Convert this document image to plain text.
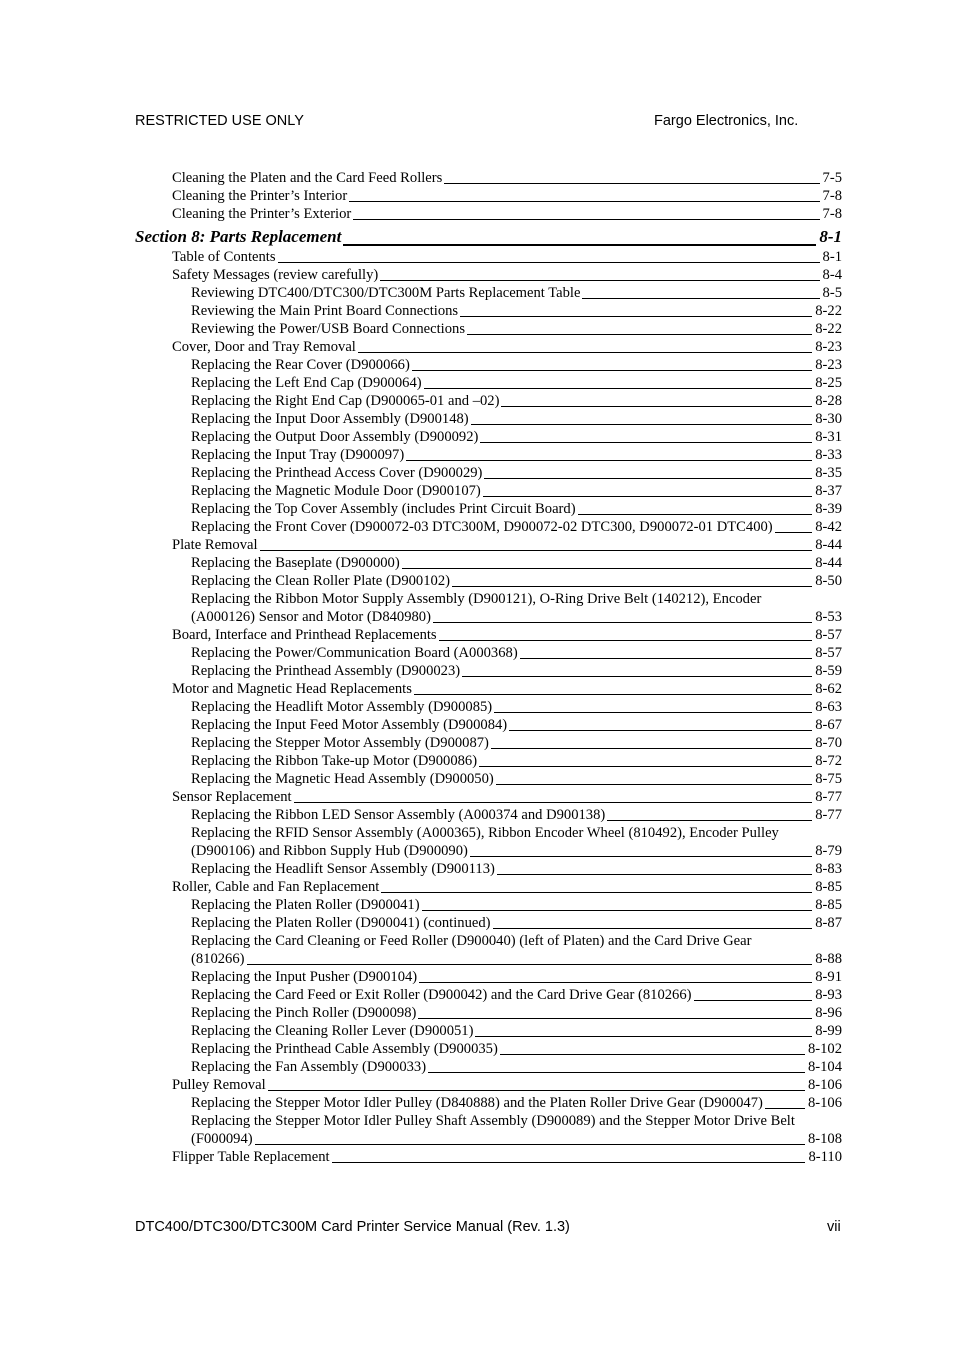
RESTRICTED USE ONLY	Fargo Electronics, Inc.
Cleaning the Platen and the Card Feed Rollers	7-5
Cleaning the Printer’s Interior	7-8
Cleaning the Printer’s Exterior	7-8
Section 8: Parts Replacement	8-1
Table of Contents	8-1
Safety Messages (review carefully)	8-4
Reviewing DTC400/DTC300/DTC300M Parts Replacement Table	8-5
Reviewing the Main Print Board Connections	8-22
Reviewing the Power/USB Board Connections	8-22
Cover, Door and Tray Removal	8-23
Replacing the Rear Cover (D900066)	8-23
Replacing the Left End Cap (D900064)	8-25
Replacing the Right End Cap (D900065-01 and –02)	8-28
Replacing the Input Door Assembly (D900148)	8-30
Replacing the Output Door Assembly (D900092)	8-31
Replacing the Input Tray (D900097)	8-33
Replacing the Printhead Access Cover (D900029)	8-35
Replacing the Magnetic Module Door (D900107)	8-37
Replacing the Top Cover Assembly (includes Print Circuit Board)	8-39
Replacing the Front Cover (D900072-03 DTC300M, D900072-02 DTC300, D900072-01 DTC400)	8-42
Plate Removal	8-44
Replacing the Baseplate (D900000)	8-44
Replacing the Clean Roller Plate (D900102)	8-50
Replacing the Ribbon Motor Supply Assembly (D900121), O-Ring Drive Belt (140212), Encoder
(A000126) Sensor and Motor (D840980)	8-53
Board, Interface and Printhead Replacements	8-57
Replacing the Power/Communication Board (A000368)	8-57
Replacing the Printhead Assembly (D900023)	8-59
Motor and Magnetic Head Replacements	8-62
Replacing the Headlift Motor Assembly (D900085)	8-63
Replacing the Input Feed Motor Assembly (D900084)	8-67
Replacing the Stepper Motor Assembly (D900087)	8-70
Replacing the Ribbon Take-up Motor (D900086)	8-72
Replacing the Magnetic Head Assembly (D900050)	8-75
Sensor Replacement	8-77
Replacing the Ribbon LED Sensor Assembly (A000374 and D900138)	8-77
Replacing the RFID Sensor Assembly (A000365), Ribbon Encoder Wheel (810492), Encoder Pulley
(D900106) and Ribbon Supply Hub (D900090)	8-79
Replacing the Headlift Sensor Assembly (D900113)	8-83
Roller, Cable and Fan Replacement	8-85
Replacing the Platen Roller (D900041)	8-85
Replacing the Platen Roller (D900041) (continued)	8-87
Replacing the Card Cleaning or Feed Roller (D900040) (left of Platen) and the Card Drive Gear
(810266)	8-88
Replacing the Input Pusher (D900104)	8-91
Replacing the Card Feed or Exit Roller (D900042) and the Card Drive Gear (810266)	8-93
Replacing the Pinch Roller (D900098)	8-96
Replacing the Cleaning Roller Lever (D900051)	8-99
Replacing the Printhead Cable Assembly (D900035)	8-102
Replacing the Fan Assembly (D900033)	8-104
Pulley Removal	8-106
Replacing the Stepper Motor Idler Pulley (D840888) and the Platen Roller Drive Gear (D900047)	8-106
Replacing the Stepper Motor Idler Pulley Shaft Assembly (D900089) and the Stepper Motor Drive Belt
(F000094)	8-108
Flipper Table Replacement	8-110
DTC400/DTC300/DTC300M Card Printer Service Manual (Rev. 1.3)	vii
